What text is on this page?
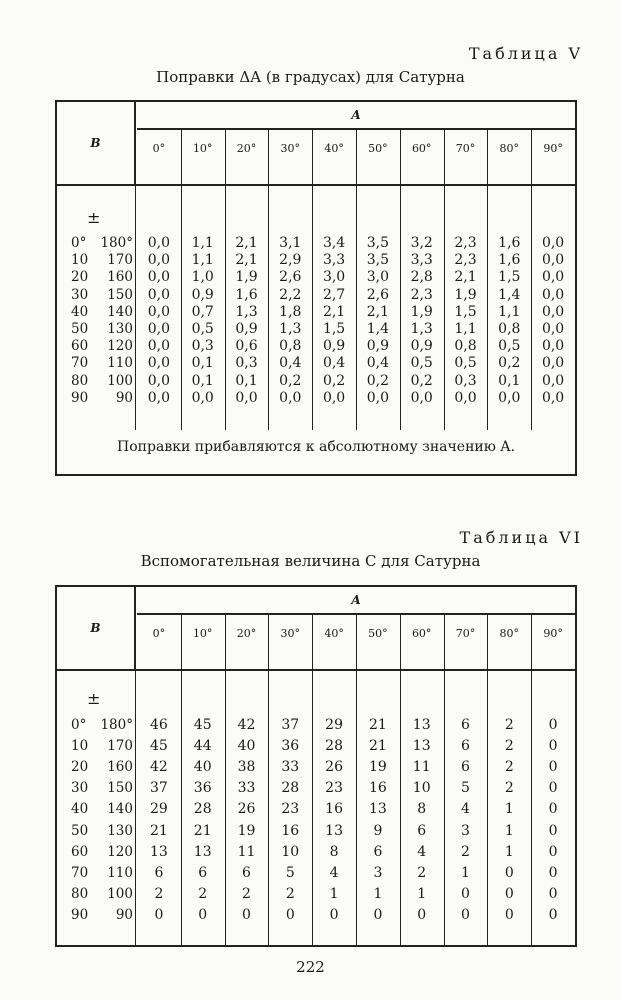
Таблица V
Поправки ΔA (в градусах) для Сатурна
B
A
0°	10°	20°	30°	40°	50°	60°	70°	80°	90°
±
0° 180°	0,0	1,1	2,1	3,1	3,4	3,5	3,2	2,3	1,6	0,0
10 170	0,0	1,1	2,1	2,9	3,3	3,5	3,3	2,3	1,6	0,0
20 160	0,0	1,0	1,9	2,6	3,0	3,0	2,8	2,1	1,5	0,0
30 150	0,0	0,9	1,6	2,2	2,7	2,6	2,3	1,9	1,4	0,0
40 140	0,0	0,7	1,3	1,8	2,1	2,1	1,9	1,5	1,1	0,0
50 130	0,0	0,5	0,9	1,3	1,5	1,4	1,3	1,1	0,8	0,0
60 120	0,0	0,3	0,6	0,8	0,9	0,9	0,9	0,8	0,5	0,0
70 110	0,0	0,1	0,3	0,4	0,4	0,4	0,5	0,5	0,2	0,0
80 100	0,0	0,1	0,1	0,2	0,2	0,2	0,2	0,3	0,1	0,0
90 90	0,0	0,0	0,0	0,0	0,0	0,0	0,0	0,0	0,0	0,0
Поправки прибавляются к абсолютному значению A.
Таблица VI
Вспомогательная величина C для Сатурна
B
A
0°	10°	20°	30°	40°	50°	60°	70°	80°	90°
±
0° 180°	46	45	42	37	29	21	13	6	2	0
10 170	45	44	40	36	28	21	13	6	2	0
20 160	42	40	38	33	26	19	11	6	2	0
30 150	37	36	33	28	23	16	10	5	2	0
40 140	29	28	26	23	16	13	8	4	1	0
50 130	21	21	19	16	13	9	6	3	1	0
60 120	13	13	11	10	8	6	4	2	1	0
70 110	6	6	6	5	4	3	2	1	0	0
80 100	2	2	2	2	1	1	1	0	0	0
90 90	0	0	0	0	0	0	0	0	0	0
222
